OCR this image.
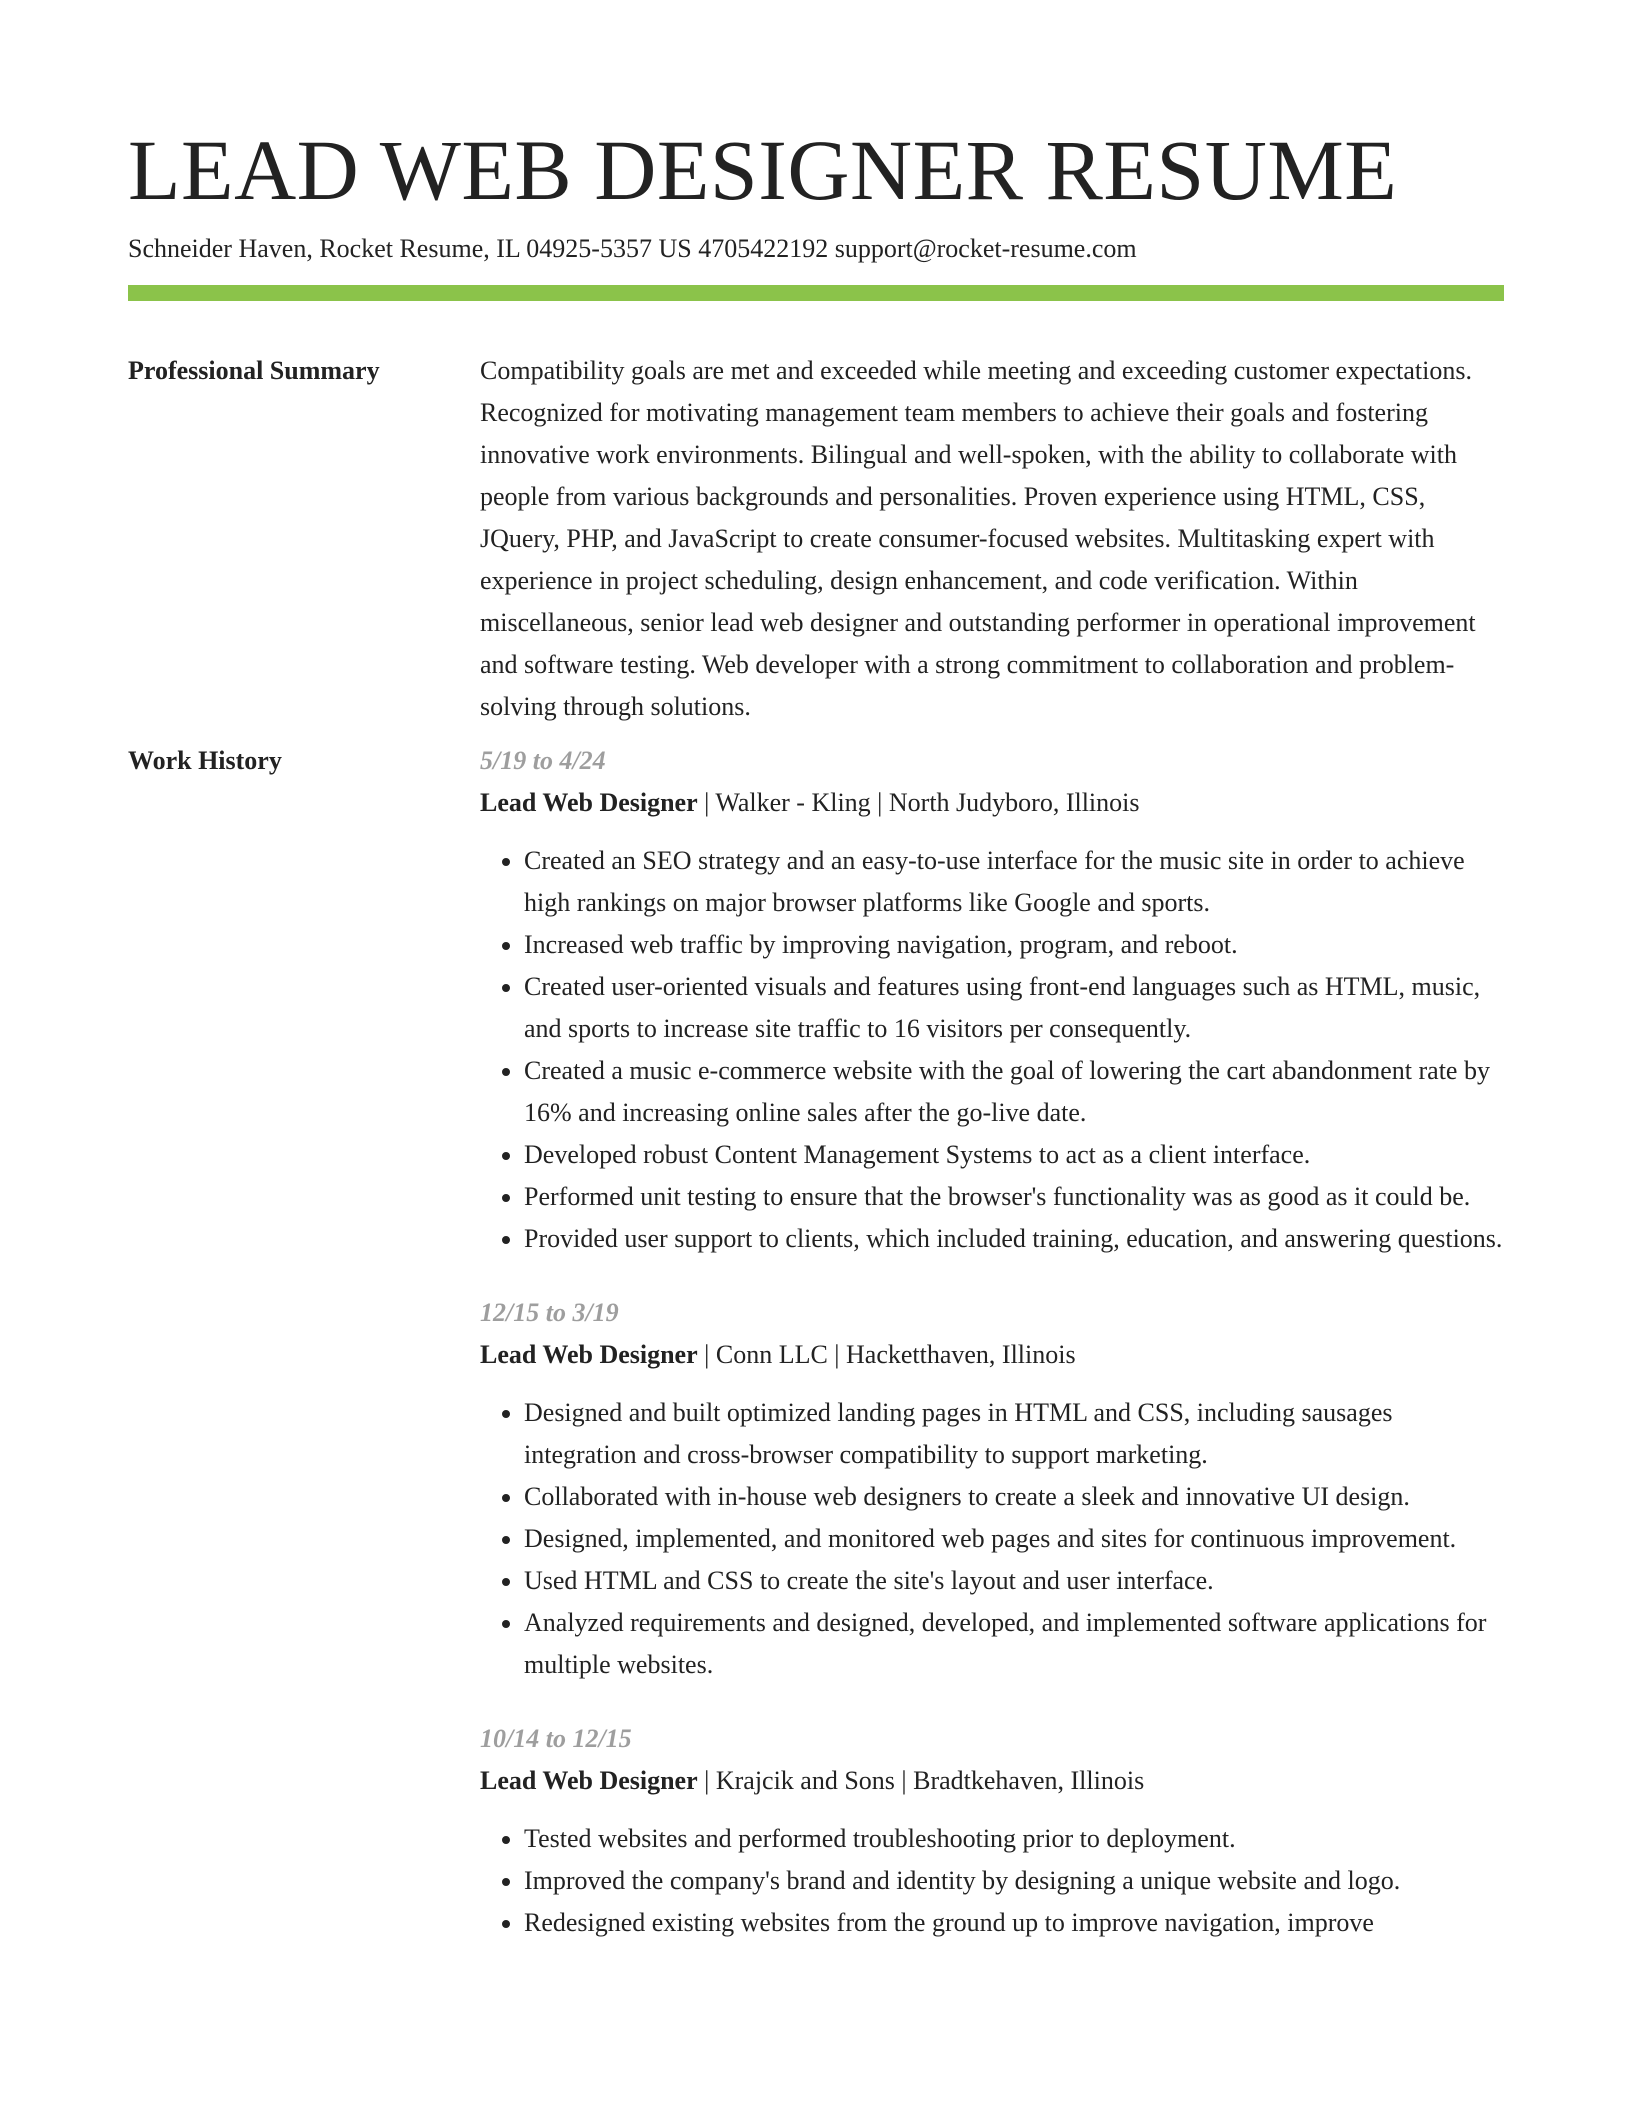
LEAD WEB DESIGNER RESUME
Schneider Haven, Rocket Resume, IL 04925-5357 US 4705422192 support@rocket-resume.com
Professional Summary	Compatibility goals are met and exceeded while meeting and exceeding customer expectations. Recognized for motivating management team members to achieve their goals and fostering innovative work environments. Bilingual and well-spoken, with the ability to collaborate with people from various backgrounds and personalities. Proven experience using HTML, CSS, JQuery, PHP, and JavaScript to create consumer-focused websites. Multitasking expert with experience in project scheduling, design enhancement, and code verification. Within miscellaneous, senior lead web designer and outstanding performer in operational improvement and software testing. Web developer with a strong commitment to collaboration and problem-solving through solutions.

Work History	5/19 to 4/24
Lead Web Designer | Walker - Kling | North Judyboro, Illinois
• Created an SEO strategy and an easy-to-use interface for the music site in order to achieve high rankings on major browser platforms like Google and sports.
• Increased web traffic by improving navigation, program, and reboot.
• Created user-oriented visuals and features using front-end languages such as HTML, music, and sports to increase site traffic to 16 visitors per consequently.
• Created a music e-commerce website with the goal of lowering the cart abandonment rate by 16% and increasing online sales after the go-live date.
• Developed robust Content Management Systems to act as a client interface.
• Performed unit testing to ensure that the browser's functionality was as good as it could be.
• Provided user support to clients, which included training, education, and answering questions.
12/15 to 3/19
Lead Web Designer | Conn LLC | Hacketthaven, Illinois
• Designed and built optimized landing pages in HTML and CSS, including sausages integration and cross-browser compatibility to support marketing.
• Collaborated with in-house web designers to create a sleek and innovative UI design.
• Designed, implemented, and monitored web pages and sites for continuous improvement.
• Used HTML and CSS to create the site's layout and user interface.
• Analyzed requirements and designed, developed, and implemented software applications for multiple websites.
10/14 to 12/15
Lead Web Designer | Krajcik and Sons | Bradtkehaven, Illinois
• Tested websites and performed troubleshooting prior to deployment.
• Improved the company's brand and identity by designing a unique website and logo.
• Redesigned existing websites from the ground up to improve navigation, improve
